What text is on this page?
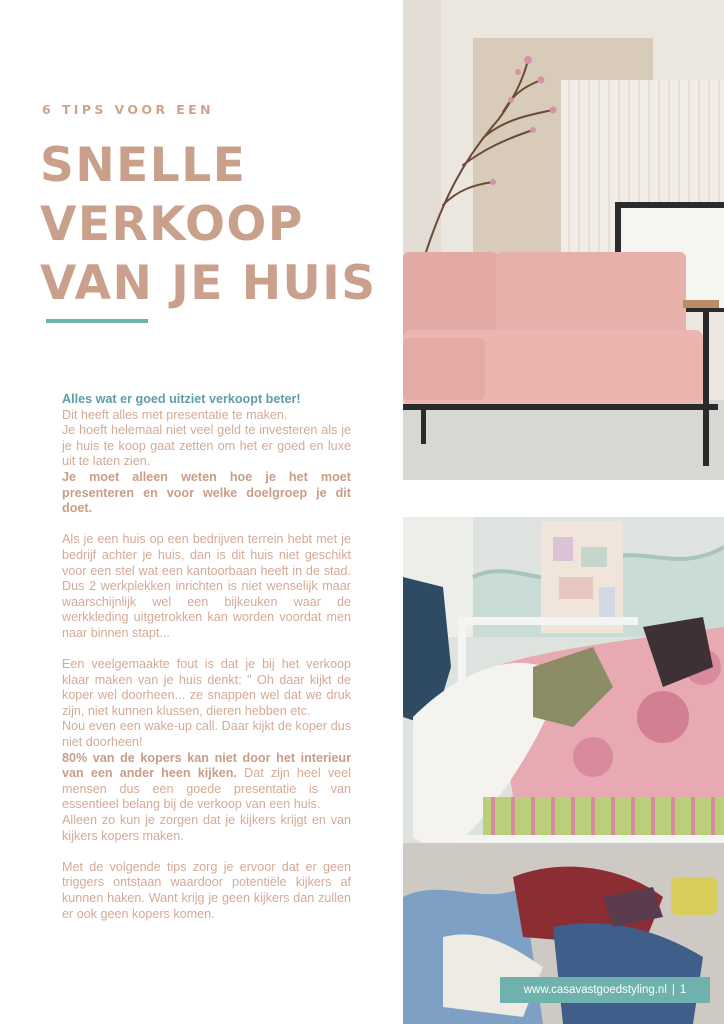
6 TIPS VOOR EEN
SNELLE
VERKOOP
VAN JE HUIS

Alles wat er goed uitziet verkoopt beter!

Dit heeft alles met presentatie te maken.

Je hoeft helemaal niet veel geld te investeren als je je huis te koop gaat zetten om het er goed en luxe uit te laten zien.

Je moet alleen weten hoe je het moet presenteren en voor welke doelgroep je dit doet.

Als je een huis op een bedrijven terrein hebt met je bedrijf achter je huis, dan is dit huis niet geschikt voor een stel wat een kantoorbaan heeft in de stad. Dus 2 werkplekken inrichten is niet wenselijk maar waarschijnlijk wel een bijkeuken waar de werkkleding uitgetrokken kan worden voordat men naar binnen stapt...

Een veelgemaakte fout is dat je bij het verkoop klaar maken van je huis denkt: " Oh daar kijkt de koper wel doorheen... ze snappen wel dat we druk zijn, niet kunnen klussen, dieren hebben etc.

Nou even een wake-up call. Daar kijkt de koper dus niet doorheen!

80% van de kopers kan niet door het interieur van een ander heen kijken. Dat zijn heel veel mensen dus een goede presentatie is van essentieel belang bij de verkoop van een huis.

Alleen zo kun je zorgen dat je kijkers krijgt en van kijkers kopers maken.

Met de volgende tips zorg je ervoor dat er geen triggers ontstaan waardoor potentiële kijkers af kunnen haken. Want krijg je geen kijkers dan zullen er ook geen kopers komen.

www.casavastgoedstyling.nl | 1
